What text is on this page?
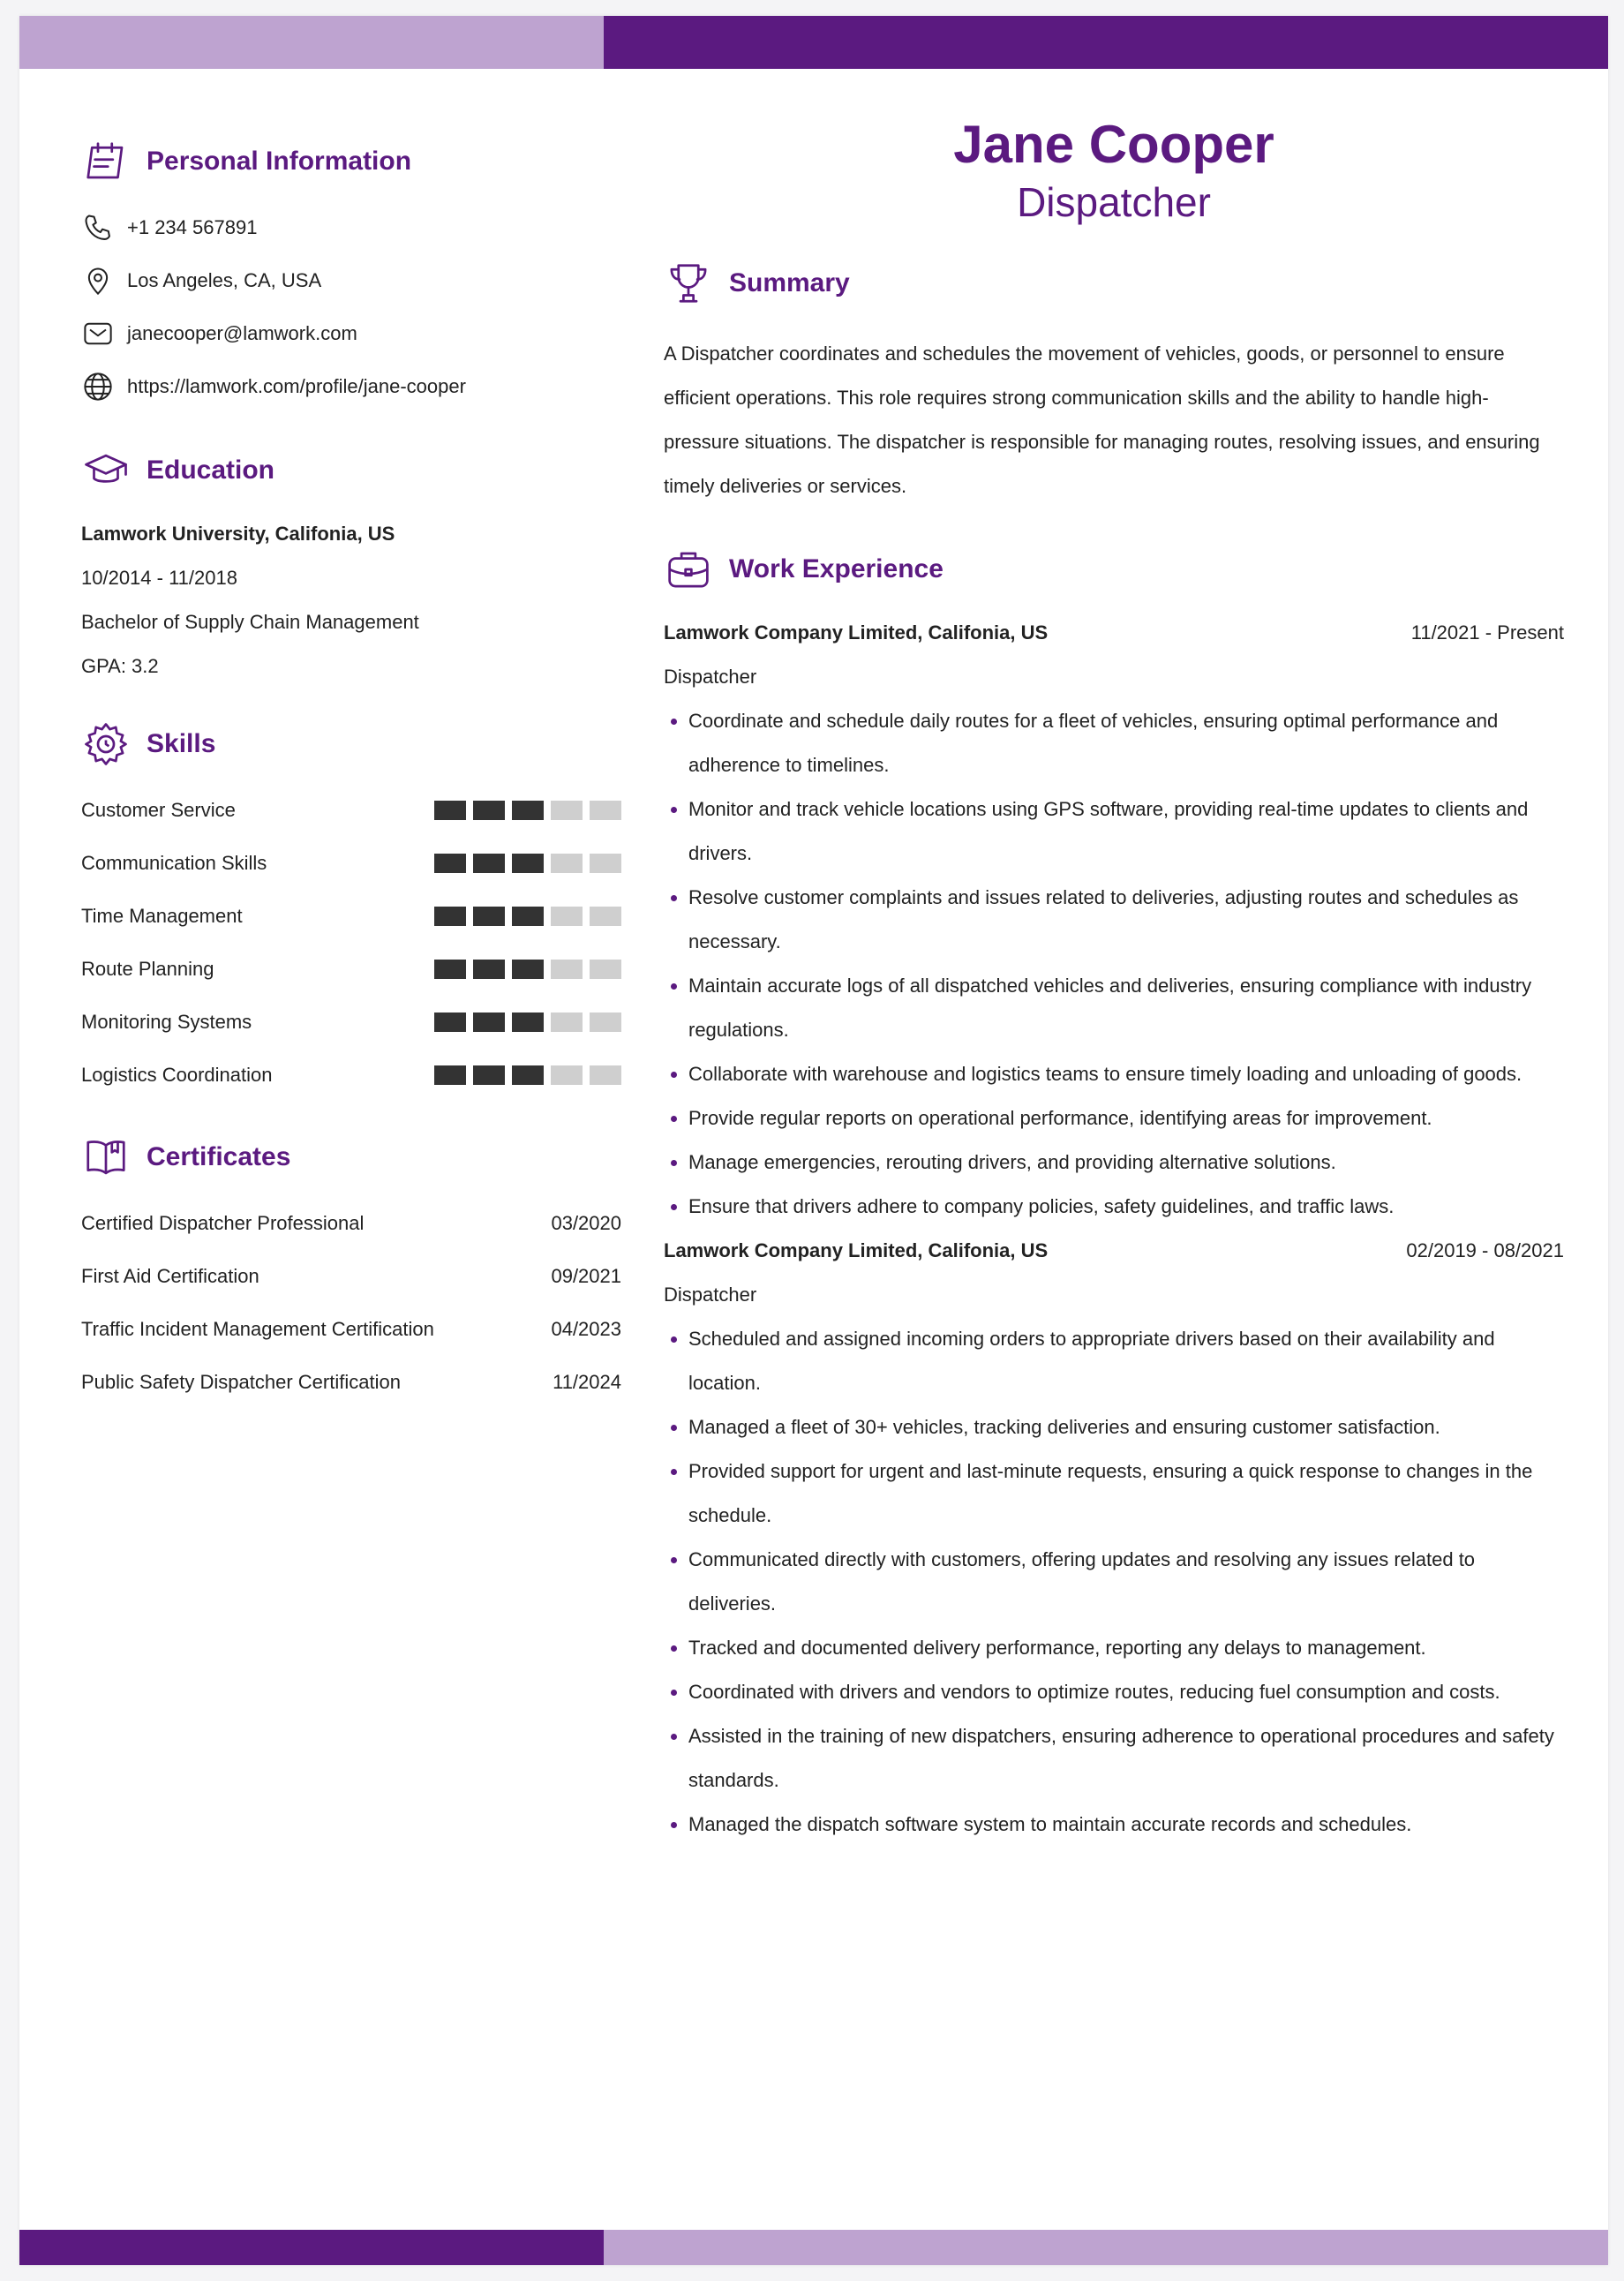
Personal Information
+1 234 567891
Los Angeles, CA, USA
janecooper@lamwork.com
https://lamwork.com/profile/jane-cooper
Education
Lamwork University, Califonia, US
10/2014 - 11/2018
Bachelor of Supply Chain Management
GPA: 3.2
Skills
Customer Service
Communication Skills
Time Management
Route Planning
Monitoring Systems
Logistics Coordination
Certificates
Certified Dispatcher Professional	03/2020
First Aid Certification	09/2021
Traffic Incident Management Certification	04/2023
Public Safety Dispatcher Certification	11/2024
Jane Cooper

Dispatcher

Summary

A Dispatcher coordinates and schedules the movement of vehicles, goods, or personnel to ensure efficient operations. This role requires strong communication skills and the ability to handle high-pressure situations. The dispatcher is responsible for managing routes, resolving issues, and ensuring timely deliveries or services.

Work Experience
Lamwork Company Limited, Califonia, US	11/2021 - Present
Dispatcher
Coordinate and schedule daily routes for a fleet of vehicles, ensuring optimal performance and adherence to timelines.
Monitor and track vehicle locations using GPS software, providing real-time updates to clients and drivers.
Resolve customer complaints and issues related to deliveries, adjusting routes and schedules as necessary.
Maintain accurate logs of all dispatched vehicles and deliveries, ensuring compliance with industry regulations.
Collaborate with warehouse and logistics teams to ensure timely loading and unloading of goods.
Provide regular reports on operational performance, identifying areas for improvement.
Manage emergencies, rerouting drivers, and providing alternative solutions.
Ensure that drivers adhere to company policies, safety guidelines, and traffic laws.
Lamwork Company Limited, Califonia, US	02/2019 - 08/2021
Dispatcher
Scheduled and assigned incoming orders to appropriate drivers based on their availability and location.
Managed a fleet of 30+ vehicles, tracking deliveries and ensuring customer satisfaction.
Provided support for urgent and last-minute requests, ensuring a quick response to changes in the schedule.
Communicated directly with customers, offering updates and resolving any issues related to deliveries.
Tracked and documented delivery performance, reporting any delays to management.
Coordinated with drivers and vendors to optimize routes, reducing fuel consumption and costs.
Assisted in the training of new dispatchers, ensuring adherence to operational procedures and safety standards.
Managed the dispatch software system to maintain accurate records and schedules.
